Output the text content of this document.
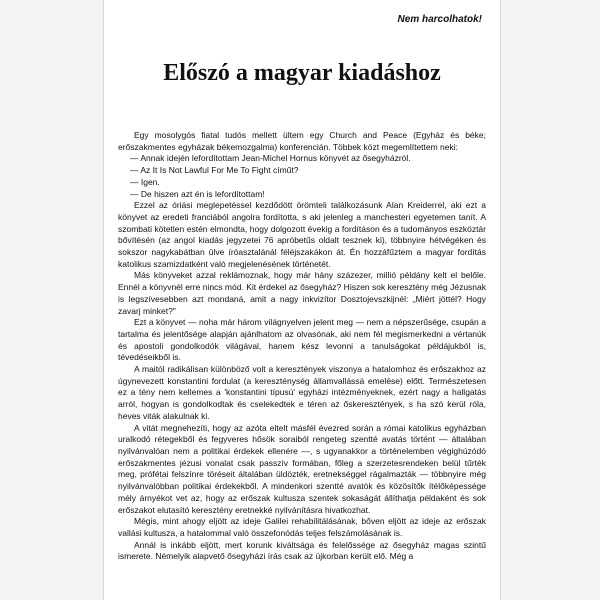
Nem harcolhatok!
Előszó a magyar kiadáshoz

Egy mosolygós fiatal tudós mellett ültem egy Church and Peace (Egyház és béke; erőszakmentes egyházak békemozgalma) konferencián. Többek közt megemlítettem neki:

— Annak idején lefordítottam Jean-Michel Hornus könyvét az ősegyházról.

— Az It Is Not Lawful For Me To Fight címűt?

— Igen.

— De hiszen azt én is lefordítottam!

Ezzel az óriási meglepetéssel kezdődött örömteli találkozásunk Alan Kreiderrel, aki ezt a könyvet az eredeti franciából angolra fordította, s aki jelenleg a manchesteri egyetemen tanít. A szombati kötetlen estén elmondta, hogy dolgozott évekig a fordításon és a tudományos eszköztár bővítésén (az angol kiadás jegyzetei 76 apróbetűs oldalt tesznek ki), többnyire hétvégéken és sokszor nagykabátban ülve íróasztalánál féléjszakákon át. Én hozzáfűztem a magyar fordítás katolikus szamizdatként való megjelenésének történetét.

Más könyveket azzal reklámoznak, hogy már hány százezer, millió példány kelt el belőle. Ennél a könyvnél erre nincs mód. Kit érdekel az ősegyház? Hiszen sok keresztény még Jézusnak is legszívesebben azt mondaná, amit a nagy inkvizítor Dosztojevszkijnél: „Miért jöttél? Hogy zavarj minket?"

Ezt a könyvet — noha már három világnyelven jelent meg — nem a népszerűsége, csupán a tartalma és jelentősége alapján ajánlhatom az olvasónak, aki nem fél megismerkedni a vértanúk és apostoli gondolkodók világával, hanem kész levonni a tanulságokat példájukból is, tévedéseikből is.

A maitól radikálisan különböző volt a keresztények viszonya a hatalomhoz és erőszakhoz az úgynevezett konstantini fordulat (a kereszténység államvallássá emelése) előtt. Természetesen ez a tény nem kellemes a 'konstantini típusú' egyházi intézményeknek, ezért nagy a hallgatás arról, hogyan is gondolkodtak és cselekedtek e téren az őskeresztények, s ha szó kerül róla, heves viták alakulnak ki.

A vitát megnehezíti, hogy az azóta eltelt másfél évezred során a római katolikus egyházban uralkodó rétegekből és fegyveres hősök soraiból rengeteg szentté avatás történt — általában nyilvánvalóan nem a politikai érdekek ellenére —, s ugyanakkor a történelemben végighúzódó erőszakmentes jézusi vonalat csak passzív formában, főleg a szerzetesrendeken belül tűrték meg, prófétai felszínre töréseit általában üldözték, eretnekséggel rágalmazták — többnyire még nyilvánvalóbban politikai érdekekből. A mindenkori szentté avatók és közösítők ítélőképessége mély árnyékot vet az, hogy az erőszak kultusza szentek sokaságát állíthatja példaként és sok erőszakot elutasító keresztény eretnekké nyilvánításra hivatkozhat.

Mégis, mint ahogy eljött az ideje Galilei rehabilitálásának, bőven eljött az ideje az erőszak vallási kultusza, a hatalommal való összefonódás teljes felszámolásának is.

Annál is inkább eljött, mert korunk kiváltsága és felelőssége az ősegyház magas szintű ismerete. Némelyik alapvető ősegyházi írás csak az újkorban került elő. Még a
